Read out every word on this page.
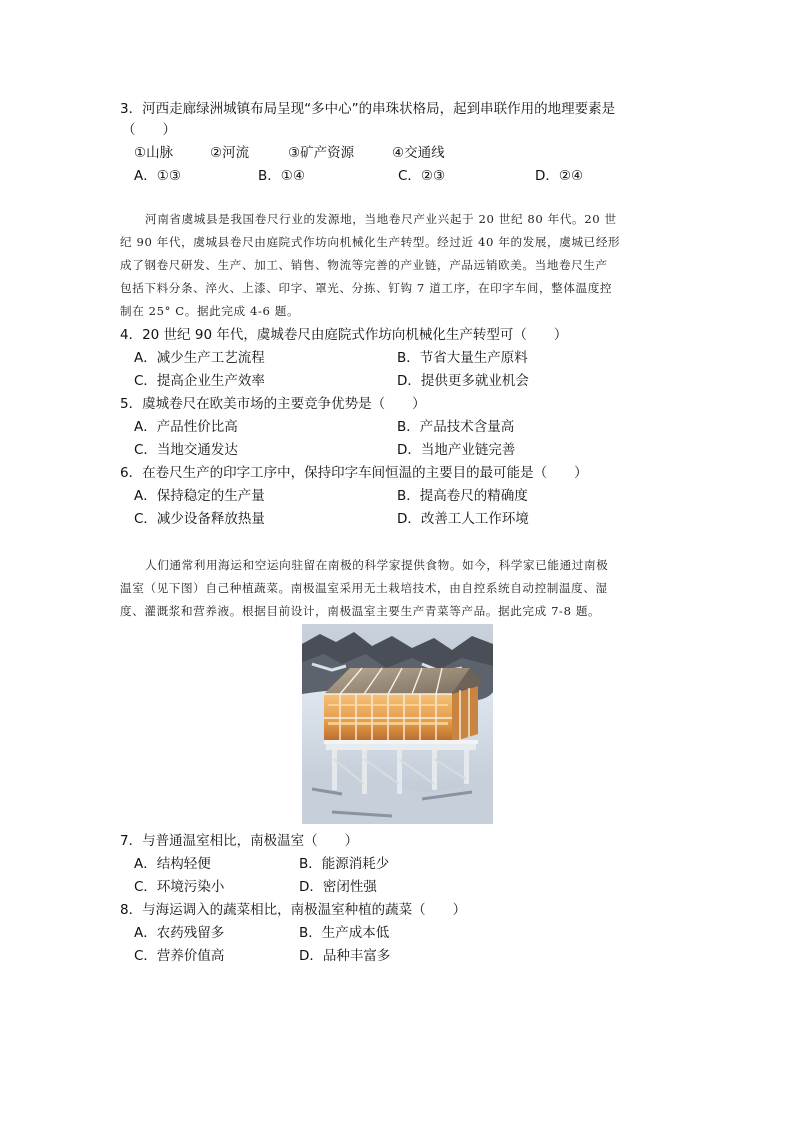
3．河西走廊绿洲城镇布局呈现“多中心”的串珠状格局，起到串联作用的地理要素是
（　　）
①山脉	②河流	③矿产资源	④交通线
A．①③	B．①④	C．②③	D．②④
河南省虞城县是我国卷尺行业的发源地，当地卷尺产业兴起于 20 世纪 80 年代。20 世
纪 90 年代，虞城县卷尺由庭院式作坊向机械化生产转型。经过近 40 年的发展，虞城已经形
成了钢卷尺研发、生产、加工、销售、物流等完善的产业链，产品远销欧美。当地卷尺生产
包括下料分条、淬火、上漆、印字、罩光、分拣、钉钩 7 道工序，在印字车间，整体温度控
制在 25° C。据此完成 4-6 题。
4．20 世纪 90 年代，虞城卷尺由庭院式作坊向机械化生产转型可（　　）
A．减少生产工艺流程	B．节省大量生产原料
C．提高企业生产效率	D．提供更多就业机会
5．虞城卷尺在欧美市场的主要竞争优势是（　　）
A．产品性价比高	B．产品技术含量高
C．当地交通发达	D．当地产业链完善
6．在卷尺生产的印字工序中，保持印字车间恒温的主要目的最可能是（　　）
A．保持稳定的生产量	B．提高卷尺的精确度
C．减少设备释放热量	D．改善工人工作环境
人们通常利用海运和空运向驻留在南极的科学家提供食物。如今，科学家已能通过南极
温室（见下图）自己种植蔬菜。南极温室采用无土栽培技术，由自控系统自动控制温度、湿
度、灌溉浆和营养液。根据目前设计，南极温室主要生产青菜等产品。据此完成 7-8 题。
7．与普通温室相比，南极温室（　　）
A．结构轻便	B．能源消耗少
C．环境污染小	D．密闭性强
8．与海运调入的蔬菜相比，南极温室种植的蔬菜（　　）
A．农药残留多	B．生产成本低
C．营养价值高	D．品种丰富多
